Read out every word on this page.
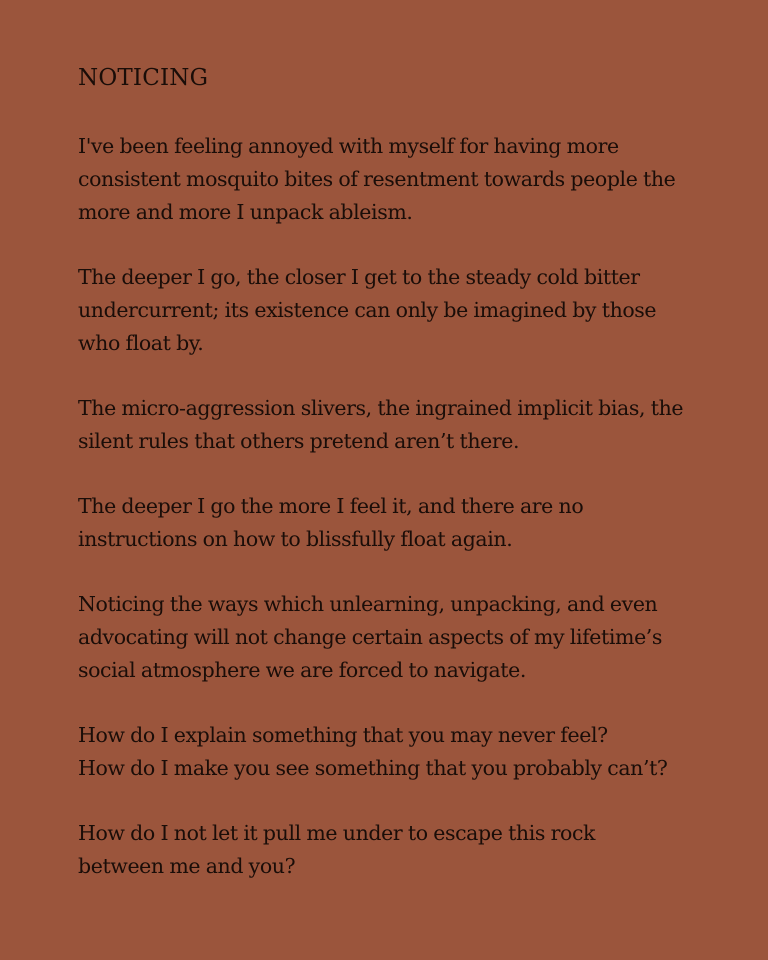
NOTICING

I've been feeling annoyed with myself for having more
consistent mosquito bites of resentment towards people the
more and more I unpack ableism.

The deeper I go, the closer I get to the steady cold bitter
undercurrent; its existence can only be imagined by those
who float by.

The micro-aggression slivers, the ingrained implicit bias, the
silent rules that others pretend aren’t there.

The deeper I go the more I feel it, and there are no
instructions on how to blissfully float again.

Noticing the ways which unlearning, unpacking, and even
advocating will not change certain aspects of my lifetime’s
social atmosphere we are forced to navigate.

How do I explain something that you may never feel?
How do I make you see something that you probably can’t?

How do I not let it pull me under to escape this rock
between me and you?
